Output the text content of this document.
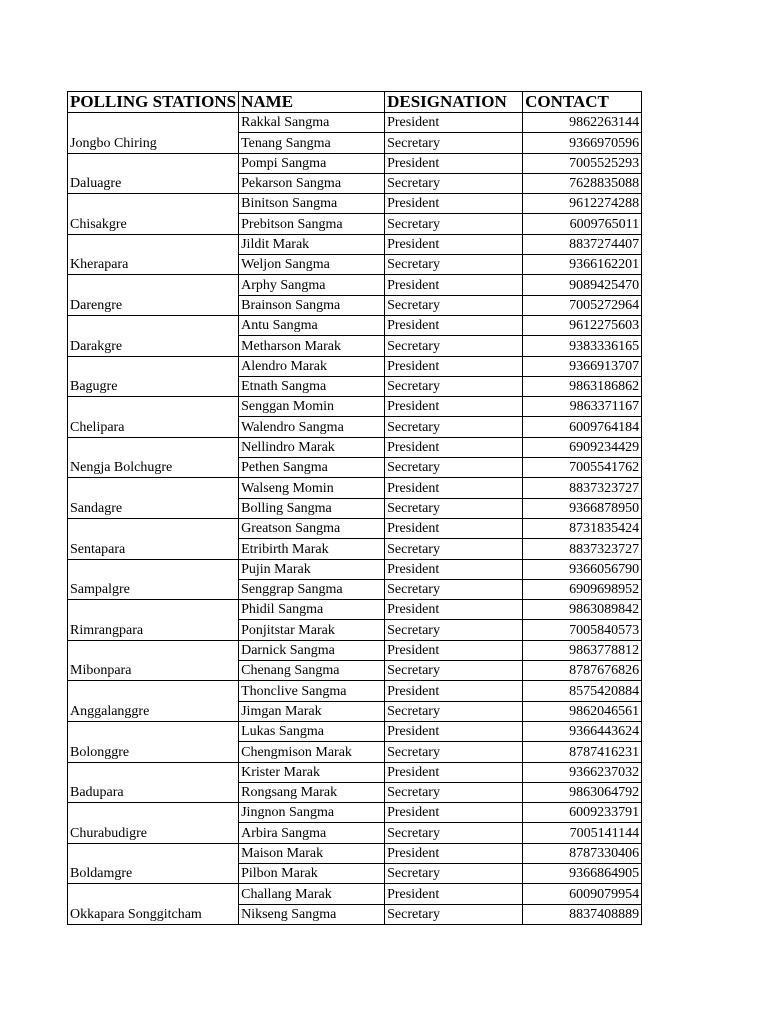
POLLING STATIONS	NAME	DESIGNATION	CONTACT
Jongbo Chiring	Rakkal Sangma	President	9862263144
	Tenang Sangma	Secretary	9366970596
Daluagre	Pompi Sangma	President	7005525293
	Pekarson Sangma	Secretary	7628835088
Chisakgre	Binitson Sangma	President	9612274288
	Prebitson Sangma	Secretary	6009765011
Kherapara	Jildit Marak	President	8837274407
	Weljon Sangma	Secretary	9366162201
Darengre	Arphy Sangma	President	9089425470
	Brainson Sangma	Secretary	7005272964
Darakgre	Antu Sangma	President	9612275603
	Metharson Marak	Secretary	9383336165
Bagugre	Alendro Marak	President	9366913707
	Etnath Sangma	Secretary	9863186862
Chelipara	Senggan Momin	President	9863371167
	Walendro Sangma	Secretary	6009764184
Nengja Bolchugre	Nellindro Marak	President	6909234429
	Pethen Sangma	Secretary	7005541762
Sandagre	Walseng Momin	President	8837323727
	Bolling Sangma	Secretary	9366878950
Sentapara	Greatson Sangma	President	8731835424
	Etribirth Marak	Secretary	8837323727
Sampalgre	Pujin Marak	President	9366056790
	Senggrap Sangma	Secretary	6909698952
Rimrangpara	Phidil Sangma	President	9863089842
	Ponjitstar Marak	Secretary	7005840573
Mibonpara	Darnick Sangma	President	9863778812
	Chenang Sangma	Secretary	8787676826
Anggalanggre	Thonclive Sangma	President	8575420884
	Jimgan Marak	Secretary	9862046561
Bolonggre	Lukas Sangma	President	9366443624
	Chengmison Marak	Secretary	8787416231
Badupara	Krister Marak	President	9366237032
	Rongsang Marak	Secretary	9863064792
Churabudigre	Jingnon Sangma	President	6009233791
	Arbira Sangma	Secretary	7005141144
Boldamgre	Maison Marak	President	8787330406
	Pilbon Marak	Secretary	9366864905
Okkapara Songgitcham	Challang Marak	President	6009079954
	Nikseng Sangma	Secretary	8837408889
